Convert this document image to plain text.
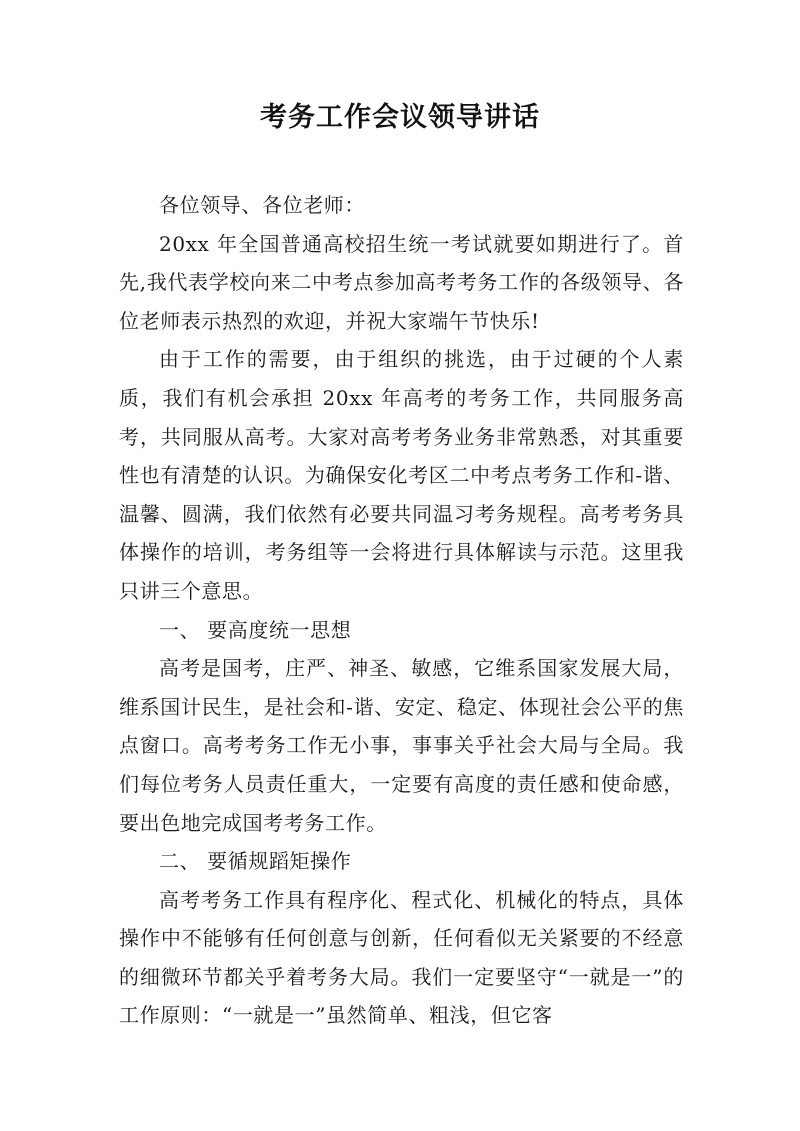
考务工作会议领导讲话

各位领导、各位老师：

20xx 年全国普通高校招生统一考试就要如期进行了。首先,我代表学校向来二中考点参加高考考务工作的各级领导、各位老师表示热烈的欢迎，并祝大家端午节快乐!

由于工作的需要，由于组织的挑选，由于过硬的个人素质，我们有机会承担 20xx 年高考的考务工作，共同服务高考，共同服从高考。大家对高考考务业务非常熟悉，对其重要性也有清楚的认识。为确保安化考区二中考点考务工作和-谐、温馨、圆满，我们依然有必要共同温习考务规程。高考考务具体操作的培训，考务组等一会将进行具体解读与示范。这里我只讲三个意思。

一、 要高度统一思想

高考是国考，庄严、神圣、敏感，它维系国家发展大局，维系国计民生，是社会和-谐、安定、稳定、体现社会公平的焦点窗口。高考考务工作无小事，事事关乎社会大局与全局。我们每位考务人员责任重大，一定要有高度的责任感和使命感，要出色地完成国考考务工作。

二、 要循规蹈矩操作

高考考务工作具有程序化、程式化、机械化的特点，具体操作中不能够有任何创意与创新，任何看似无关紧要的不经意的细微环节都关乎着考务大局。我们一定要坚守“一就是一”的工作原则：“一就是一”虽然简单、粗浅，但它客
